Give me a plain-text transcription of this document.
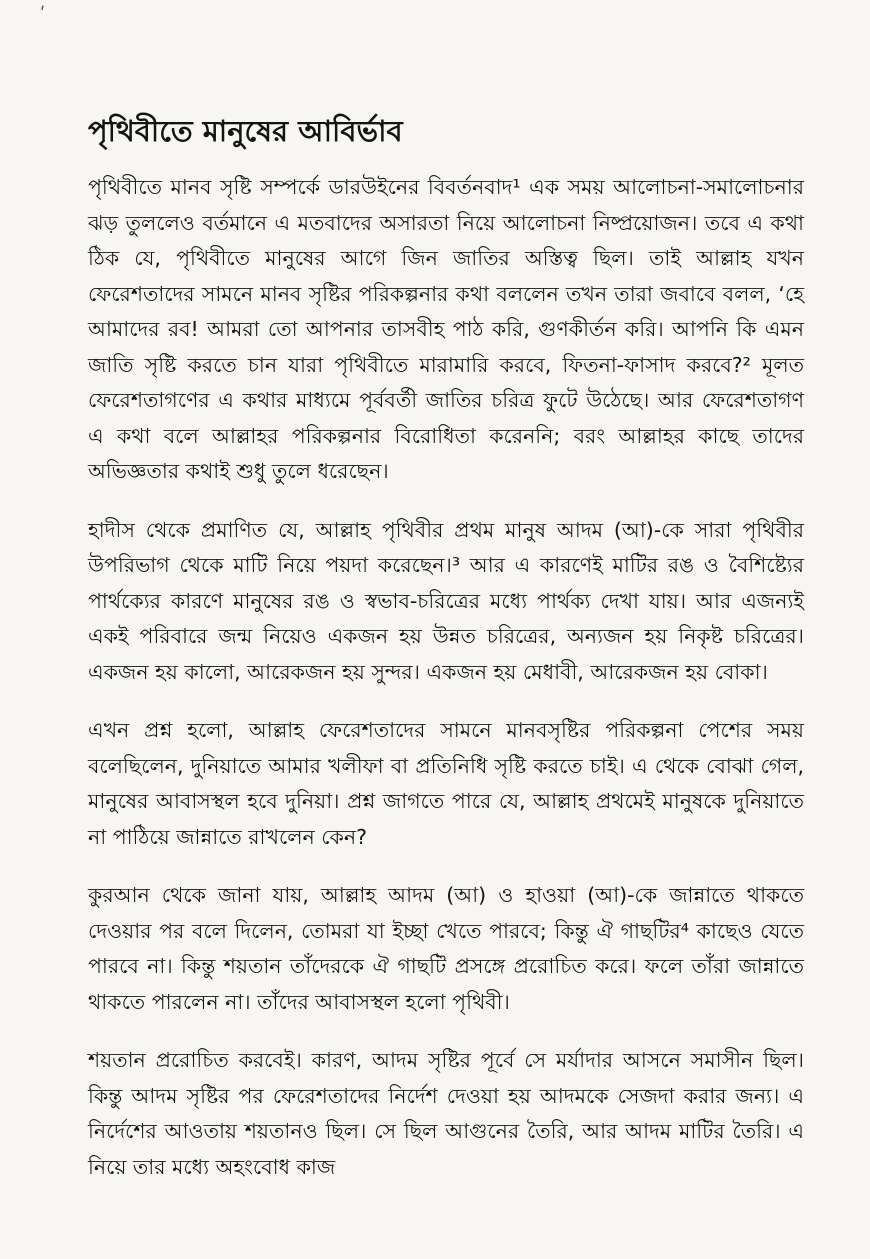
ʹ
পৃথিবীতে মানুষের আবির্ভাব

পৃথিবীতে মানব সৃষ্টি সম্পর্কে ডারউইনের বিবর্তনবাদ¹ এক সময় আলোচনা-সমালোচনার ঝড় তুললেও বর্তমানে এ মতবাদের অসারতা নিয়ে আলোচনা নিষ্প্রয়োজন। তবে এ কথা ঠিক যে, পৃথিবীতে মানুষের আগে জিন জাতির অস্তিত্ব ছিল। তাই আল্লাহ যখন ফেরেশতাদের সামনে মানব সৃষ্টির পরিকল্পনার কথা বললেন তখন তারা জবাবে বলল, ‘হে আমাদের রব! আমরা তো আপনার তাসবীহ পাঠ করি, গুণকীর্তন করি। আপনি কি এমন জাতি সৃষ্টি করতে চান যারা পৃথিবীতে মারামারি করবে, ফিতনা-ফাসাদ করবে?² মূলত ফেরেশতাগণের এ কথার মাধ্যমে পূর্ববর্তী জাতির চরিত্র ফুটে উঠেছে। আর ফেরেশতাগণ এ কথা বলে আল্লাহর পরিকল্পনার বিরোধিতা করেননি; বরং আল্লাহর কাছে তাদের অভিজ্ঞতার কথাই শুধু তুলে ধরেছেন।

হাদীস থেকে প্রমাণিত যে, আল্লাহ পৃথিবীর প্রথম মানুষ আদম (আ)-কে সারা পৃথিবীর উপরিভাগ থেকে মাটি নিয়ে পয়দা করেছেন।³ আর এ কারণেই মাটির রঙ ও বৈশিষ্ট্যের পার্থক্যের কারণে মানুষের রঙ ও স্বভাব-চরিত্রের মধ্যে পার্থক্য দেখা যায়। আর এজন্যই একই পরিবারে জন্ম নিয়েও একজন হয় উন্নত চরিত্রের, অন্যজন হয় নিকৃষ্ট চরিত্রের। একজন হয় কালো, আরেকজন হয় সুন্দর। একজন হয় মেধাবী, আরেকজন হয় বোকা।

এখন প্রশ্ন হলো, আল্লাহ ফেরেশতাদের সামনে মানবসৃষ্টির পরিকল্পনা পেশের সময় বলেছিলেন, দুনিয়াতে আমার খলীফা বা প্রতিনিধি সৃষ্টি করতে চাই। এ থেকে বোঝা গেল, মানুষের আবাসস্থল হবে দুনিয়া। প্রশ্ন জাগতে পারে যে, আল্লাহ প্রথমেই মানুষকে দুনিয়াতে না পাঠিয়ে জান্নাতে রাখলেন কেন?

কুরআন থেকে জানা যায়, আল্লাহ আদম (আ) ও হাওয়া (আ)-কে জান্নাতে থাকতে দেওয়ার পর বলে দিলেন, তোমরা যা ইচ্ছা খেতে পারবে; কিন্তু ঐ গাছটির⁴ কাছেও যেতে পারবে না। কিন্তু শয়তান তাঁদেরকে ঐ গাছটি প্রসঙ্গে প্ররোচিত করে। ফলে তাঁরা জান্নাতে থাকতে পারলেন না। তাঁদের আবাসস্থল হলো পৃথিবী।

শয়তান প্ররোচিত করবেই। কারণ, আদম সৃষ্টির পূর্বে সে মর্যাদার আসনে সমাসীন ছিল। কিন্তু আদম সৃষ্টির পর ফেরেশতাদের নির্দেশ দেওয়া হয় আদমকে সেজদা করার জন্য। এ নির্দেশের আওতায় শয়তানও ছিল। সে ছিল আগুনের তৈরি, আর আদম মাটির তৈরি। এ নিয়ে তার মধ্যে অহংবোধ কাজ
